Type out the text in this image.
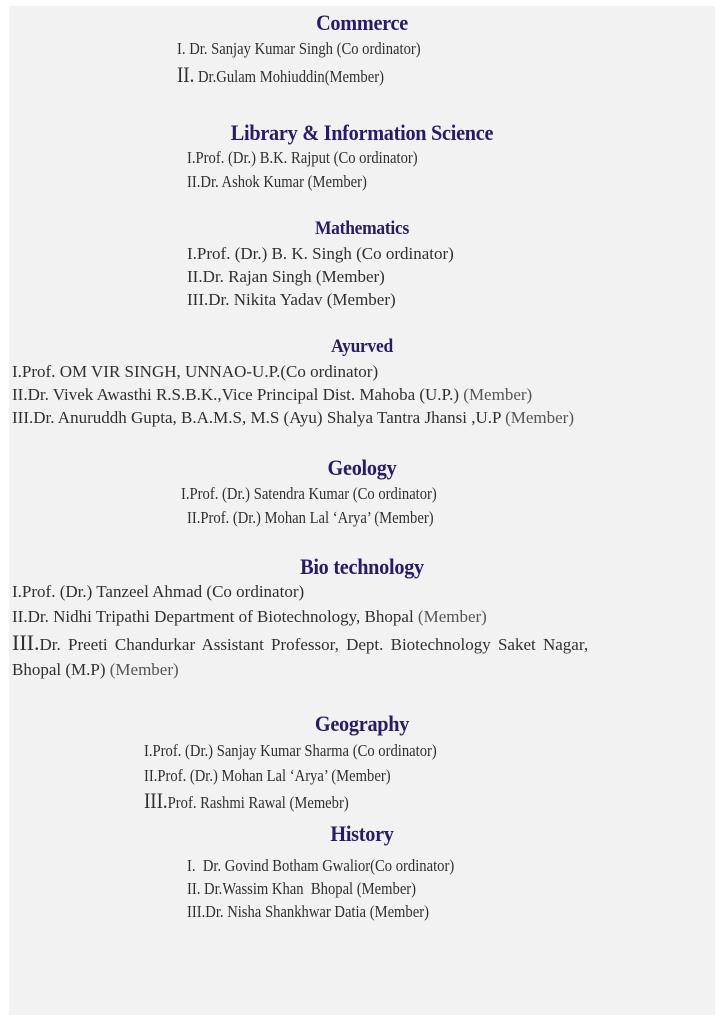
Commerce
I. Dr. Sanjay Kumar Singh (Co ordinator)
II. Dr.Gulam Mohiuddin(Member)
Library & Information Science
I.Prof. (Dr.) B.K. Rajput (Co ordinator)
II.Dr. Ashok Kumar (Member)
Mathematics
I.Prof. (Dr.) B. K. Singh (Co ordinator)
II.Dr. Rajan Singh (Member)
III.Dr. Nikita Yadav (Member)
Ayurved
I.Prof. OM VIR SINGH, UNNAO-U.P.(Co ordinator)
II.Dr. Vivek Awasthi R.S.B.K.,Vice Principal Dist. Mahoba (U.P.) (Member)
III.Dr. Anuruddh Gupta, B.A.M.S, M.S (Ayu) Shalya Tantra Jhansi ,U.P (Member)
Geology
I.Prof. (Dr.) Satendra Kumar (Co ordinator)
II.Prof. (Dr.) Mohan Lal ‘Arya’ (Member)
Bio technology
I.Prof. (Dr.) Tanzeel Ahmad (Co ordinator)
II.Dr. Nidhi Tripathi Department of Biotechnology, Bhopal (Member)
III.Dr. Preeti Chandurkar Assistant Professor, Dept. Biotechnology Saket Nagar,
Bhopal (M.P) (Member)
Geography
I.Prof. (Dr.) Sanjay Kumar Sharma (Co ordinator)
II.Prof. (Dr.) Mohan Lal ‘Arya’ (Member)
III.Prof. Rashmi Rawal (Memebr)
History
I.  Dr. Govind Botham Gwalior(Co ordinator)
II. Dr.Wassim Khan  Bhopal (Member)
III.Dr. Nisha Shankhwar Datia (Member)
